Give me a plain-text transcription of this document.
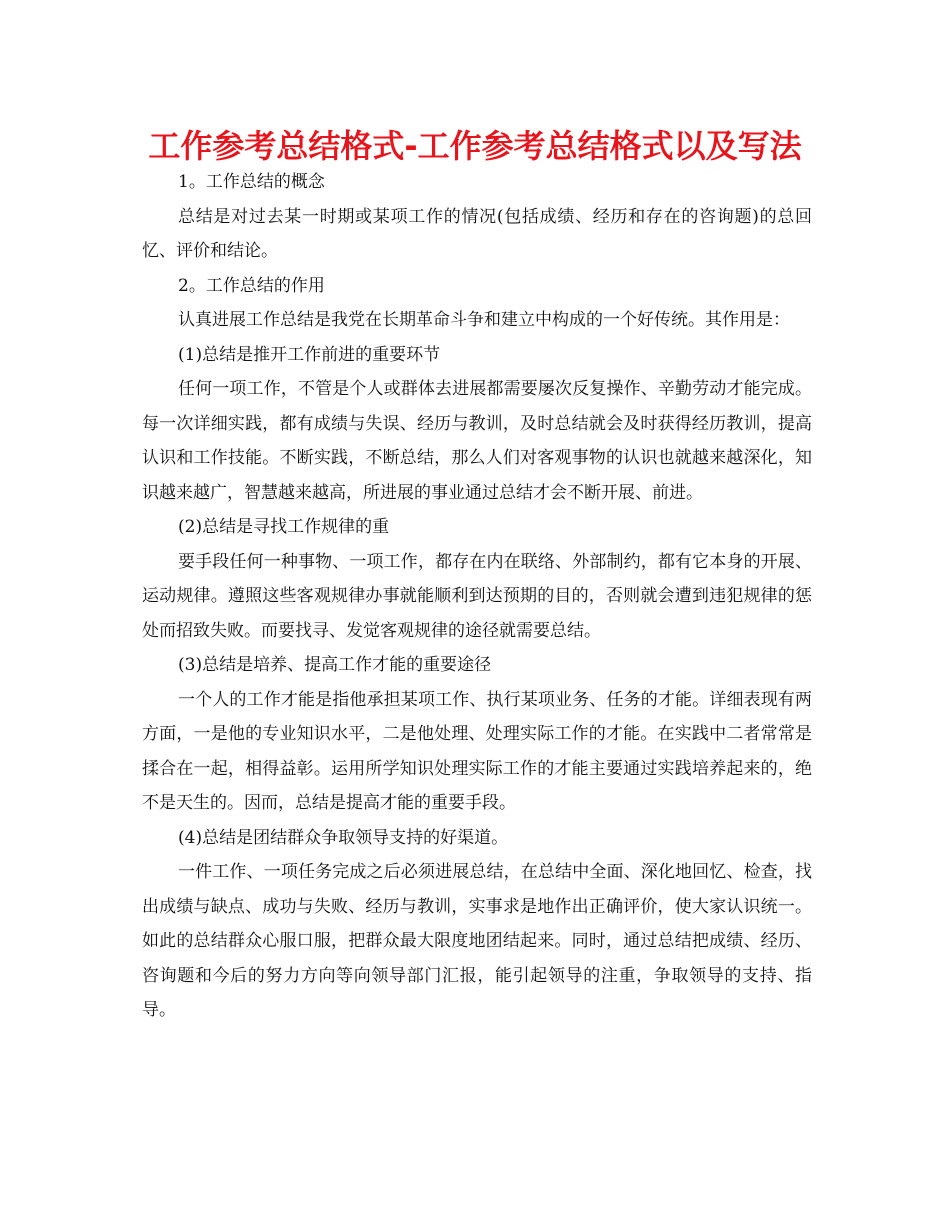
工作参考总结格式-工作参考总结格式以及写法

1。工作总结的概念

总结是对过去某一时期或某项工作的情况(包括成绩、经历和存在的咨询题)的总回忆、评价和结论。

2。工作总结的作用

认真进展工作总结是我党在长期革命斗争和建立中构成的一个好传统。其作用是：

(1)总结是推开工作前进的重要环节

任何一项工作，不管是个人或群体去进展都需要屡次反复操作、辛勤劳动才能完成。每一次详细实践，都有成绩与失误、经历与教训，及时总结就会及时获得经历教训，提高认识和工作技能。不断实践，不断总结，那么人们对客观事物的认识也就越来越深化，知识越来越广，智慧越来越高，所进展的事业通过总结才会不断开展、前进。

(2)总结是寻找工作规律的重

要手段任何一种事物、一项工作，都存在内在联络、外部制约，都有它本身的开展、运动规律。遵照这些客观规律办事就能顺利到达预期的目的，否则就会遭到违犯规律的惩处而招致失败。而要找寻、发觉客观规律的途径就需要总结。

(3)总结是培养、提高工作才能的重要途径

一个人的工作才能是指他承担某项工作、执行某项业务、任务的才能。详细表现有两方面，一是他的专业知识水平，二是他处理、处理实际工作的才能。在实践中二者常常是揉合在一起，相得益彰。运用所学知识处理实际工作的才能主要通过实践培养起来的，绝不是天生的。因而，总结是提高才能的重要手段。

(4)总结是团结群众争取领导支持的好渠道。

一件工作、一项任务完成之后必须进展总结，在总结中全面、深化地回忆、检查，找出成绩与缺点、成功与失败、经历与教训，实事求是地作出正确评价，使大家认识统一。如此的总结群众心服口服，把群众最大限度地团结起来。同时，通过总结把成绩、经历、咨询题和今后的努力方向等向领导部门汇报，能引起领导的注重，争取领导的支持、指导。
